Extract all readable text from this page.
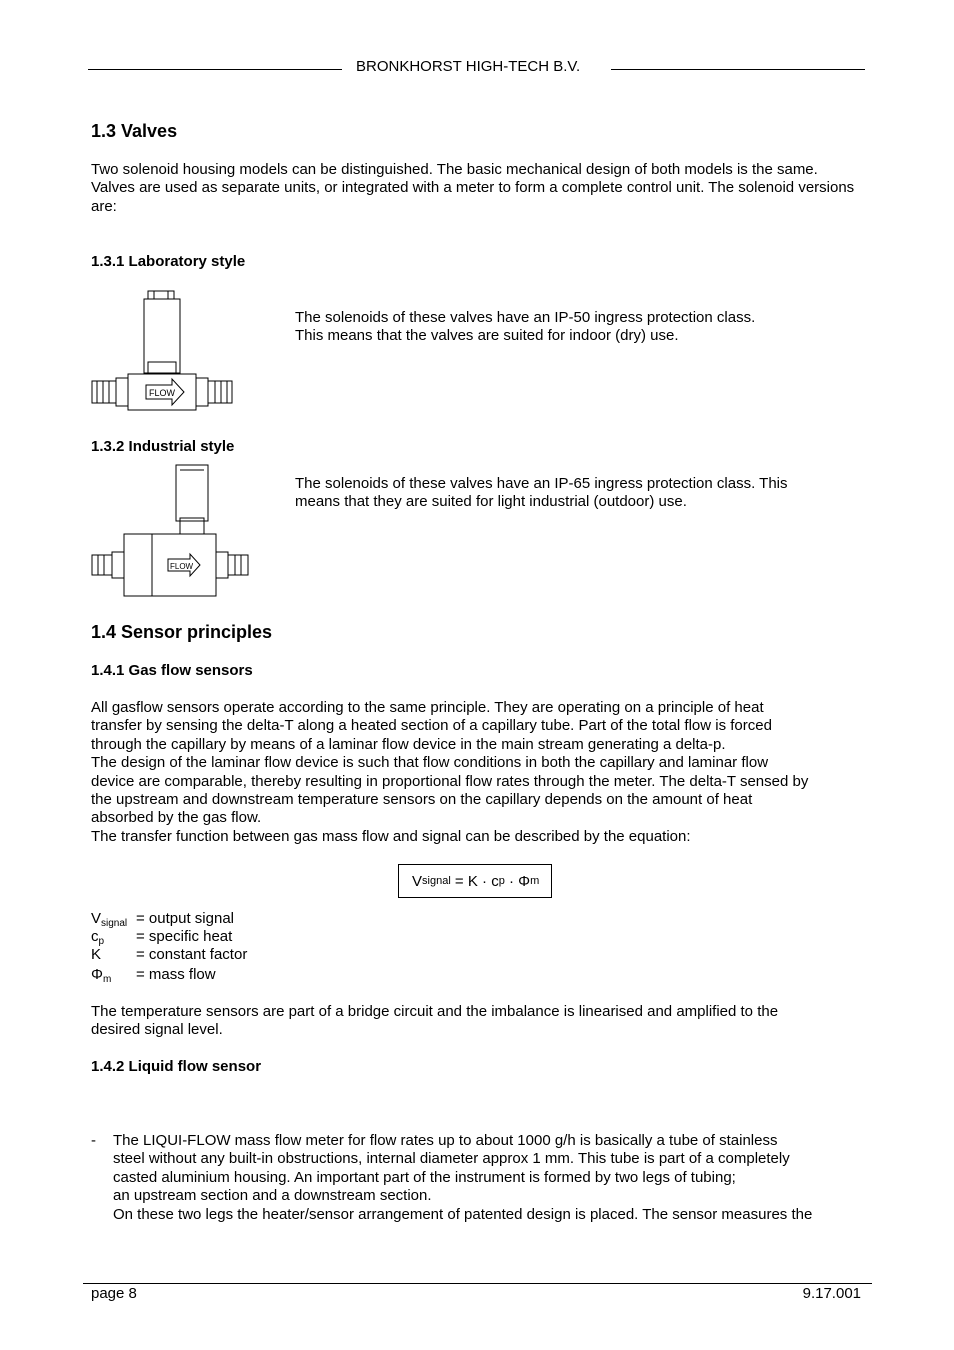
BRONKHORST HIGH-TECH B.V.
1.3 Valves
Two solenoid housing models can be distinguished. The basic mechanical design of both models is the same. Valves are used as separate units, or integrated with a meter to form a complete control unit. The solenoid versions are:
1.3.1 Laboratory style
FLOW

The solenoids of these valves have an IP-50 ingress protection class.

This means that the valves are suited for indoor (dry) use.

1.3.2 Industrial style
FLOW

The solenoids of these valves have an IP-65 ingress protection class. This

means that they are suited for light industrial (outdoor) use.

1.4 Sensor principles
1.4.1 Gas flow sensors

All gasflow sensors operate according to the same principle. They are operating on a principle of heat

transfer by sensing the delta-T along a heated section of a capillary tube. Part of the total flow is forced

through the capillary by means of a laminar flow device in the main stream generating a delta-p.

The design of the laminar flow device is such that flow conditions in both the capillary and laminar flow

device are comparable, thereby resulting in proportional flow rates through the meter. The delta-T sensed by

the upstream and downstream temperature sensors on the capillary depends on the amount of heat

absorbed by the gas flow.

The transfer function between gas mass flow and signal can be described by the equation:

V signal = K · c p · Φ m
$V_{signal}$ = output signal
$c_p$ = specific heat
K = constant factor
$\Phi_m$ = mass flow

The temperature sensors are part of a bridge circuit and the imbalance is linearised and amplified to the

desired signal level.

1.4.2 Liquid flow sensor
- The LIQUI-FLOW mass flow meter for flow rates up to about 1000 g/h is basically a tube of stainless

steel without any built-in obstructions, internal diameter approx 1 mm. This tube is part of a completely

casted aluminium housing. An important part of the instrument is formed by two legs of tubing;

an upstream section and a downstream section.

On these two legs the heater/sensor arrangement of patented design is placed. The sensor measures the

page 8	9.17.001
